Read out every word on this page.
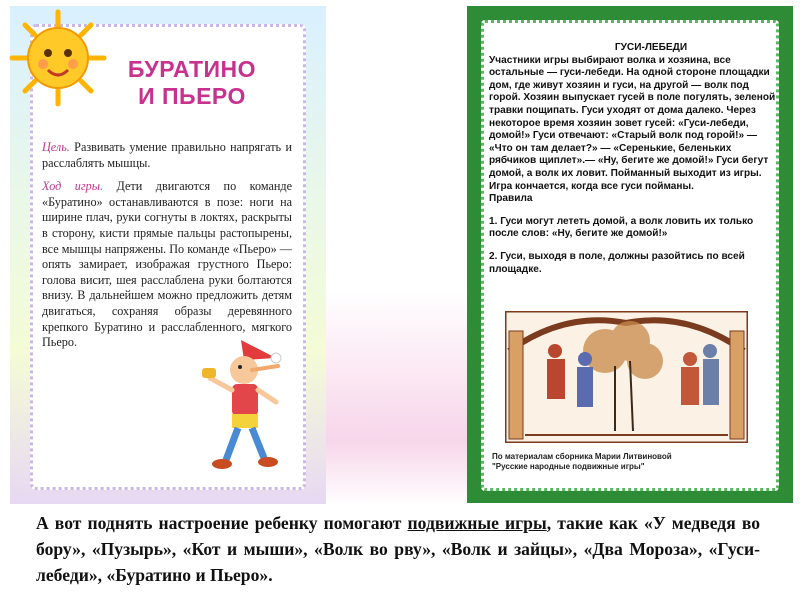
БУРАТИНО
И ПЬЕРО

Цель. Развивать умение правильно напрягать и расслаблять мышцы.

Ход игры. Дети двигаются по команде «Буратино» останавливаются в позе: ноги на ширине плач, руки согнуты в локтях, раскрыты в сторону, кисти прямые пальцы растопырены, все мышцы напряжены. По команде «Пьеро» — опять замирает, изображая грустного Пьеро: голова висит, шея расслаблена руки болтаются внизу. В дальнейшем можно предложить детям двигаться, сохраняя образы деревянного крепкого Буратино и расслабленного, мягкого Пьеро.

ГУСИ-ЛЕБЕДИ

Участники игры выбирают волка и хозяина, все остальные — гуси-лебеди. На одной стороне площадки дом, где живут хозяин и гуси, на другой — волк под горой. Хозяин выпускает гусей в поле погулять, зеленой травки пощипать. Гуси уходят от дома далеко. Через некоторое время хозяин зовет гусей: «Гуси-лебеди, домой!» Гуси отвечают: «Старый волк под горой!» — «Что он там делает?» — «Серенькие, беленьких рябчиков щиплет».— «Ну, бегите же домой!» Гуси бегут домой, а волк их ловит. Пойманный выходит из игры. Игра кончается, когда все гуси пойманы.

Правила

1. Гуси могут лететь домой, а волк ловить их только после слов: «Ну, бегите же домой!»

2. Гуси, выходя в поле, должны разойтись по всей площадке.

По материалам сборника Марии Литвиновой
"Русские народные подвижные игры"
А вот поднять настроение ребенку помогают подвижные игры, такие как «У медведя во бору», «Пузырь», «Кот и мыши», «Волк во рву», «Волк и зайцы», «Два Мороза», «Гуси-лебеди», «Буратино и Пьеро».
